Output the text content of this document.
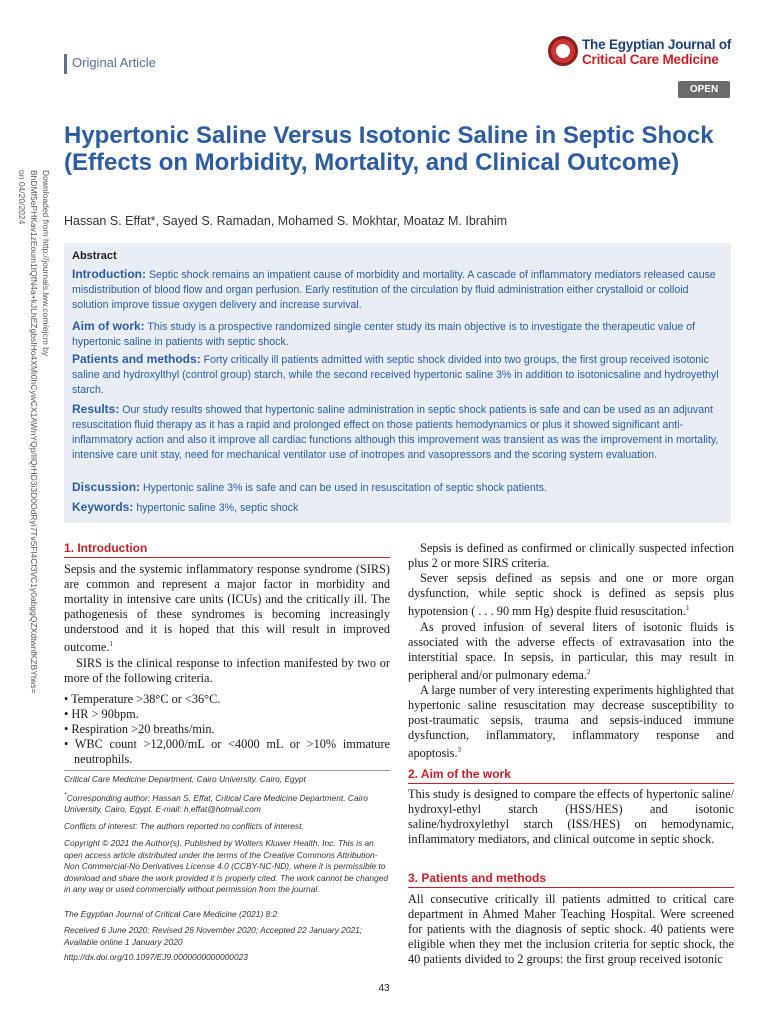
Original Article
The Egyptian Journal of
Critical Care Medicine
OPEN
Hypertonic Saline Versus Isotonic Saline in Septic Shock (Effects on Morbidity, Mortality, and Clinical Outcome)
Hassan S. Effat*, Sayed S. Ramadan, Mohamed S. Mokhtar, Moataz M. Ibrahim
Downloaded from http://journals.lww.com/ejcm by BhDMf5ePHKav1zEoum1tQfN4a+kJLhEZgbsIHo4XMi0hCywCX1AWnYQp/IlQrHD3i3D0OdRyi7TvSFl4Cf3VC1y0abggQZXdtwnfKZBYtws= on 04/20/2024
Abstract
Introduction: Septic shock remains an impatient cause of morbidity and mortality. A cascade of inflammatory mediators released cause misdistribution of blood flow and organ perfusion. Early restitution of the circulation by fluid administration either crystalloid or colloid solution improve tissue oxygen delivery and increase survival.
Aim of work: This study is a prospective randomized single center study its main objective is to investigate the therapeutic value of hypertonic saline in patients with septic shock.
Patients and methods: Forty critically ill patients admitted with septic shock divided into two groups, the first group received isotonic saline and hydroxylthyl (control group) starch, while the second received hypertonic saline 3% in addition to isotonicsaline and hydroyethyl starch.
Results: Our study results showed that hypertonic saline administration in septic shock patients is safe and can be used as an adjuvant resuscitation fluid therapy as it has a rapid and prolonged effect on those patients hemodynamics or plus it showed significant anti-inflammatory action and also it improve all cardiac functions although this improvement was transient as was the improvement in mortality, intensive care unit stay, need for mechanical ventilator use of inotropes and vasopressors and the scoring system evaluation.
Discussion: Hypertonic saline 3% is safe and can be used in resuscitation of septic shock patients.
Keywords: hypertonic saline 3%, septic shock
1. Introduction

Sepsis and the systemic inflammatory response syndrome (SIRS) are common and represent a major factor in morbidity and mortality in intensive care units (ICUs) and the critically ill. The pathogenesis of these syndromes is becoming increasingly understood and it is hoped that this will result in improved outcome.$^1$

SIRS is the clinical response to infection manifested by two or more of the following criteria.

• Temperature >38°C or <36°C.
• HR > 90bpm.
• Respiration >20 breaths/min.
• WBC count >12,000/mL or <4000 mL or >10% immature neutrophils.
Critical Care Medicine Department, Cairo University, Cairo, Egypt
*Corresponding author: Hassan S. Effat, Critical Care Medicine Department, Cairo University, Cairo, Egypt. E-mail: h.effat@hotmail.com
Conflicts of interest: The authors reported no conflicts of interest.
Copyright © 2021 the Author(s). Published by Wolters Kluwer Health, Inc. This is an open access article distributed under the terms of the Creative Commons Attribution-Non Commercial-No Derivatives License 4.0 (CCBY-NC-ND), where it is permissible to download and share the work provided it is properly cited. The work cannot be changed in any way or used commercially without permission from the journal.
The Egyptian Journal of Critical Care Medicine (2021) 8:2
Received 6 June 2020; Revised 26 November 2020; Accepted 22 January 2021; Available online 1 January 2020
http://dx.doi.org/10.1097/EJ9.0000000000000023

Sepsis is defined as confirmed or clinically suspected infection plus 2 or more SIRS criteria.

Sever sepsis defined as sepsis and one or more organ dysfunction, while septic shock is defined as sepsis plus hypotension ( . . . 90 mm Hg) despite fluid resuscitation.$^1$

As proved infusion of several liters of isotonic fluids is associated with the adverse effects of extravasation into the interstitial space. In sepsis, in particular, this may result in peripheral and/or pulmonary edema.$^2$

A large number of very interesting experiments highlighted that hypertonic saline resuscitation may decrease susceptibility to post-traumatic sepsis, trauma and sepsis-induced immune dysfunction, inflammatory, inflammatory response and apoptosis.$^3$

2. Aim of the work
This study is designed to compare the effects of hypertonic saline/ hydroxyl-ethyl starch (HSS/HES) and isotonic saline/hydroxylethyl starch (ISS/HES) on hemodynamic, inflammatory mediators, and clinical outcome in septic shock.
3. Patients and methods
All consecutive critically ill patients admitted to critical care department in Ahmed Maher Teaching Hospital. Were screened for patients with the diagnosis of septic shock. 40 patients were eligible when they met the inclusion criteria for septic shock, the 40 patients divided to 2 groups: the first group received isotonic
43
